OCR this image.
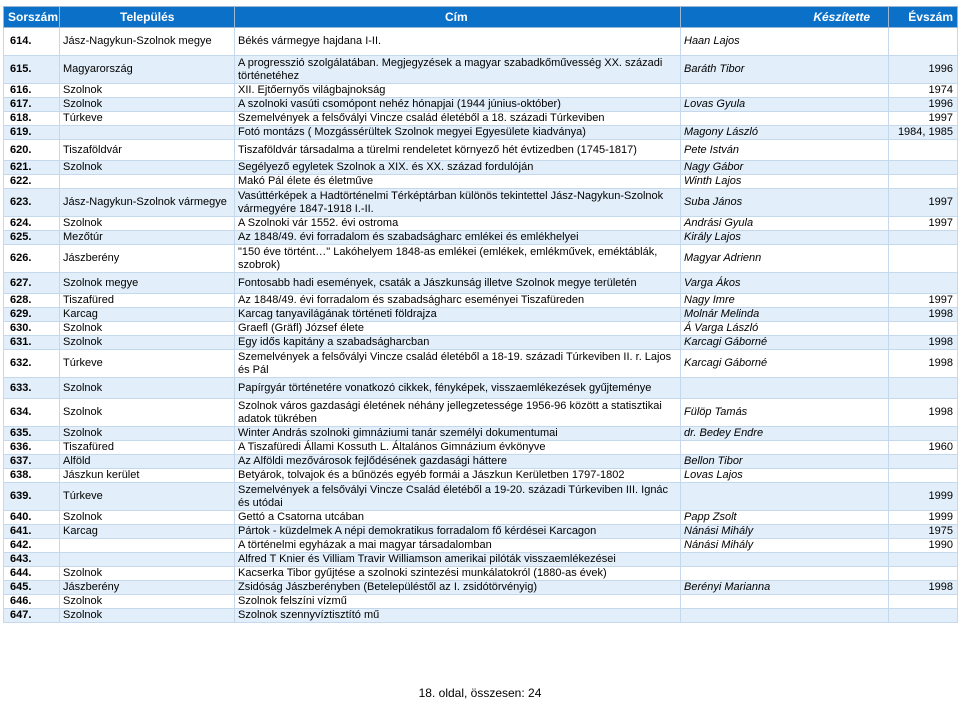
Sorszám	Település	Cím	Készítette	Évszám
614.	Jász-Nagykun-Szolnok megye	Békés vármegye hajdana I-II.	Haan Lajos	
615.	Magyarország	A progresszió szolgálatában. Megjegyzések a magyar szabadkőművesség XX. századi történetéhez	Baráth Tibor	1996
616.	Szolnok	XII. Ejtőernyős világbajnokság		1974
617.	Szolnok	A szolnoki vasúti csomópont nehéz hónapjai (1944 június-október)	Lovas Gyula	1996
618.	Túrkeve	Szemelvények a felsővályi Vincze család életéből a 18. századi Túrkeviben		1997
619.		Fotó montázs ( Mozgássérültek Szolnok megyei Egyesülete kiadványa)	Magony László	1984, 1985
620.	Tiszaföldvár	Tiszaföldvár társadalma a türelmi rendeletet környező hét évtizedben (1745-1817)	Pete István	
621.	Szolnok	Segélyező egyletek Szolnok a XIX. és XX. század fordulóján	Nagy Gábor	
622.		Makó Pál élete és életműve	Winth Lajos	
623.	Jász-Nagykun-Szolnok vármegye	Vasúttérképek a Hadtörténelmi Térképtárban különös tekintettel Jász-Nagykun-Szolnok vármegyére 1847-1918 I.-II.	Suba János	1997
624.	Szolnok	A Szolnoki vár 1552. évi ostroma	Andrási Gyula	1997
625.	Mezőtúr	Az 1848/49. évi forradalom és szabadságharc emlékei és emlékhelyei	Király Lajos	
626.	Jászberény	"150 éve történt…" Lakóhelyem 1848-as emlékei (emlékek, emlékművek, eméktáblák, szobrok)	Magyar Adrienn	
627.	Szolnok megye	Fontosabb hadi események, csaták a Jászkunság illetve Szolnok megye területén	Varga Ákos	
628.	Tiszafüred	Az 1848/49. évi forradalom és szabadságharc eseményei Tiszafüreden	Nagy Imre	1997
629.	Karcag	Karcag tanyavilágának történeti földrajza	Molnár Melinda	1998
630.	Szolnok	Graefl (Gräfl) József élete	Á Varga László	
631.	Szolnok	Egy idős kapitány a szabadságharcban	Karcagi Gáborné	1998
632.	Túrkeve	Szemelvények a felsővályi Vincze család életéből a 18-19. századi Túrkeviben II. r. Lajos és Pál	Karcagi Gáborné	1998
633.	Szolnok	Papírgyár történetére vonatkozó cikkek, fényképek, visszaemlékezések gyűjteménye		
634.	Szolnok	Szolnok város gazdasági életének néhány jellegzetessége 1956-96 között a statisztikai adatok tükrében	Fülöp Tamás	1998
635.	Szolnok	Winter András szolnoki gimnáziumi tanár személyi dokumentumai	dr. Bedey Endre	
636.	Tiszafüred	A Tiszafüredi Állami Kossuth L. Általános Gimnázium évkönyve		1960
637.	Alföld	Az Alföldi mezővárosok fejlődésének gazdasági háttere	Bellon Tibor	
638.	Jászkun kerület	Betyárok, tolvajok és a bűnözés egyéb formái a Jászkun Kerületben 1797-1802	Lovas Lajos	
639.	Túrkeve	Szemelvények a felsővályi Vincze Család életéből a 19-20. századi Túrkeviben III. Ignác és utódai		1999
640.	Szolnok	Gettó a Csatorna utcában	Papp Zsolt	1999
641.	Karcag	Pártok - küzdelmek A népi demokratikus forradalom fő kérdései Karcagon	Nánási Mihály	1975
642.		A történelmi egyházak a mai magyar társadalomban	Nánási Mihály	1990
643.		Alfred T Knier és Villiam Travir Williamson amerikai pilóták visszaemlékezései		
644.	Szolnok	Kacserka Tibor gyűjtése a szolnoki szintezési munkálatokról (1880-as évek)		
645.	Jászberény	Zsidóság Jászberényben (Betelepüléstől az I. zsidótörvényig)	Berényi Marianna	1998
646.	Szolnok	Szolnok felszíni vízmű		
647.	Szolnok	Szolnok szennyvíztisztító mű		
18. oldal, összesen: 24
